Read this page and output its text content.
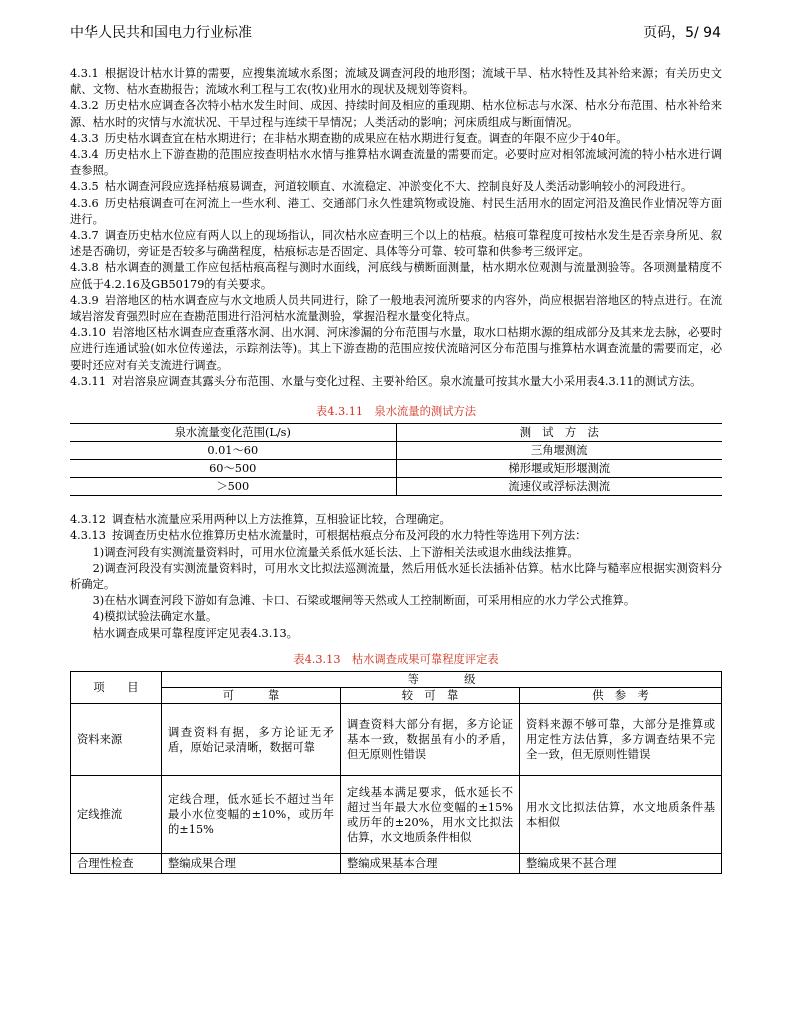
中华人民共和国电力行业标准	页码，5/ 94

4.3.1 根据设计枯水计算的需要，应搜集流域水系图；流域及调查河段的地形图；流域干旱、枯水特性及其补给来源；有关历史文献、文物、枯水查勘报告；流域水利工程与工农(牧)业用水的现状及规划等资料。

4.3.2 历史枯水应调查各次特小枯水发生时间、成因、持续时间及相应的重现期、枯水位标志与水深、枯水分布范围、枯水补给来源、枯水时的灾情与水流状况、干旱过程与连续干旱情况；人类活动的影响；河床质组成与断面情况。

4.3.3 历史枯水调查宜在枯水期进行；在非枯水期查勘的成果应在枯水期进行复查。调查的年限不应少于40年。

4.3.4 历史枯水上下游查勘的范围应按查明枯水水情与推算枯水调查流量的需要而定。必要时应对相邻流域河流的特小枯水进行调查参照。

4.3.5 枯水调查河段应选择枯痕易调查，河道较顺直、水流稳定、冲淤变化不大、控制良好及人类活动影响较小的河段进行。

4.3.6 历史枯痕调查可在河流上一些水利、港工、交通部门永久性建筑物或设施、村民生活用水的固定河沿及渔民作业情况等方面进行。

4.3.7 调查历史枯水位应有两人以上的现场指认，同次枯水应查明三个以上的枯痕。枯痕可靠程度可按枯水发生是否亲身所见、叙述是否确切，旁证是否较多与确凿程度，枯痕标志是否固定、具体等分可靠、较可靠和供参考三级评定。

4.3.8 枯水调查的测量工作应包括枯痕高程与测时水面线，河底线与横断面测量，枯水期水位观测与流量测验等。各项测量精度不应低于4.2.16及GB50179的有关要求。

4.3.9 岩溶地区的枯水调查应与水文地质人员共同进行，除了一般地表河流所要求的内容外，尚应根据岩溶地区的特点进行。在流域岩溶发育强烈时应在查勘范围进行沿河枯水流量测验，掌握沿程水量变化特点。

4.3.10 岩溶地区枯水调查应查重落水洞、出水洞、河床渗漏的分布范围与水量，取水口枯期水源的组成部分及其来龙去脉，必要时应进行连通试验(如水位传递法，示踪剂法等)。其上下游查勘的范围应按伏流暗河区分布范围与推算枯水调查流量的需要而定，必要时还应对有关支流进行调查。

4.3.11 对岩溶泉应调查其露头分布范围、水量与变化过程、主要补给区。泉水流量可按其水量大小采用表4.3.11的测试方法。

表4.3.11　泉水流量的测试方法
泉水流量变化范围(L/s)	测　试　方　法
0.01～60	三角堰测流
60～500	梯形堰或矩形堰测流
＞500	流速仪或浮标法测流

4.3.12 调查枯水流量应采用两种以上方法推算，互相验证比较，合理确定。

4.3.13 按调查历史枯水位推算历史枯水流量时，可根据枯痕点分布及河段的水力特性等选用下列方法：

1)调查河段有实测流量资料时，可用水位流量关系低水延长法、上下游相关法或退水曲线法推算。

2)调查河段没有实测流量资料时，可用水文比拟法巡测流量，然后用低水延长法插补估算。枯水比降与糙率应根据实测资料分析确定。

3)在枯水调查河段下游如有急滩、卡口、石梁或堰闸等天然或人工控制断面，可采用相应的水力学公式推算。

4)模拟试验法确定水量。

枯水调查成果可靠程度评定见表4.3.13。

表4.3.13　枯水调查成果可靠程度评定表
项　　目	等　　　　级		
	可　　　靠	较　可　靠	供　参　考
资料来源	调查资料有据，多方论证无矛盾，原始记录清晰，数据可靠	调查资料大部分有据，多方论证基本一致，数据虽有小的矛盾，但无原则性错误	资料来源不够可靠，大部分是推算或用定性方法估算，多方调查结果不完全一致，但无原则性错误
定线推流	定线合理，低水延长不超过当年最小水位变幅的±10%，或历年的±15%	定线基本满足要求，低水延长不超过当年最大水位变幅的±15%或历年的±20%，用水文比拟法估算，水文地质条件相似	用水文比拟法估算，水文地质条件基本相似
合理性检查	整编成果合理	整编成果基本合理	整编成果不甚合理
